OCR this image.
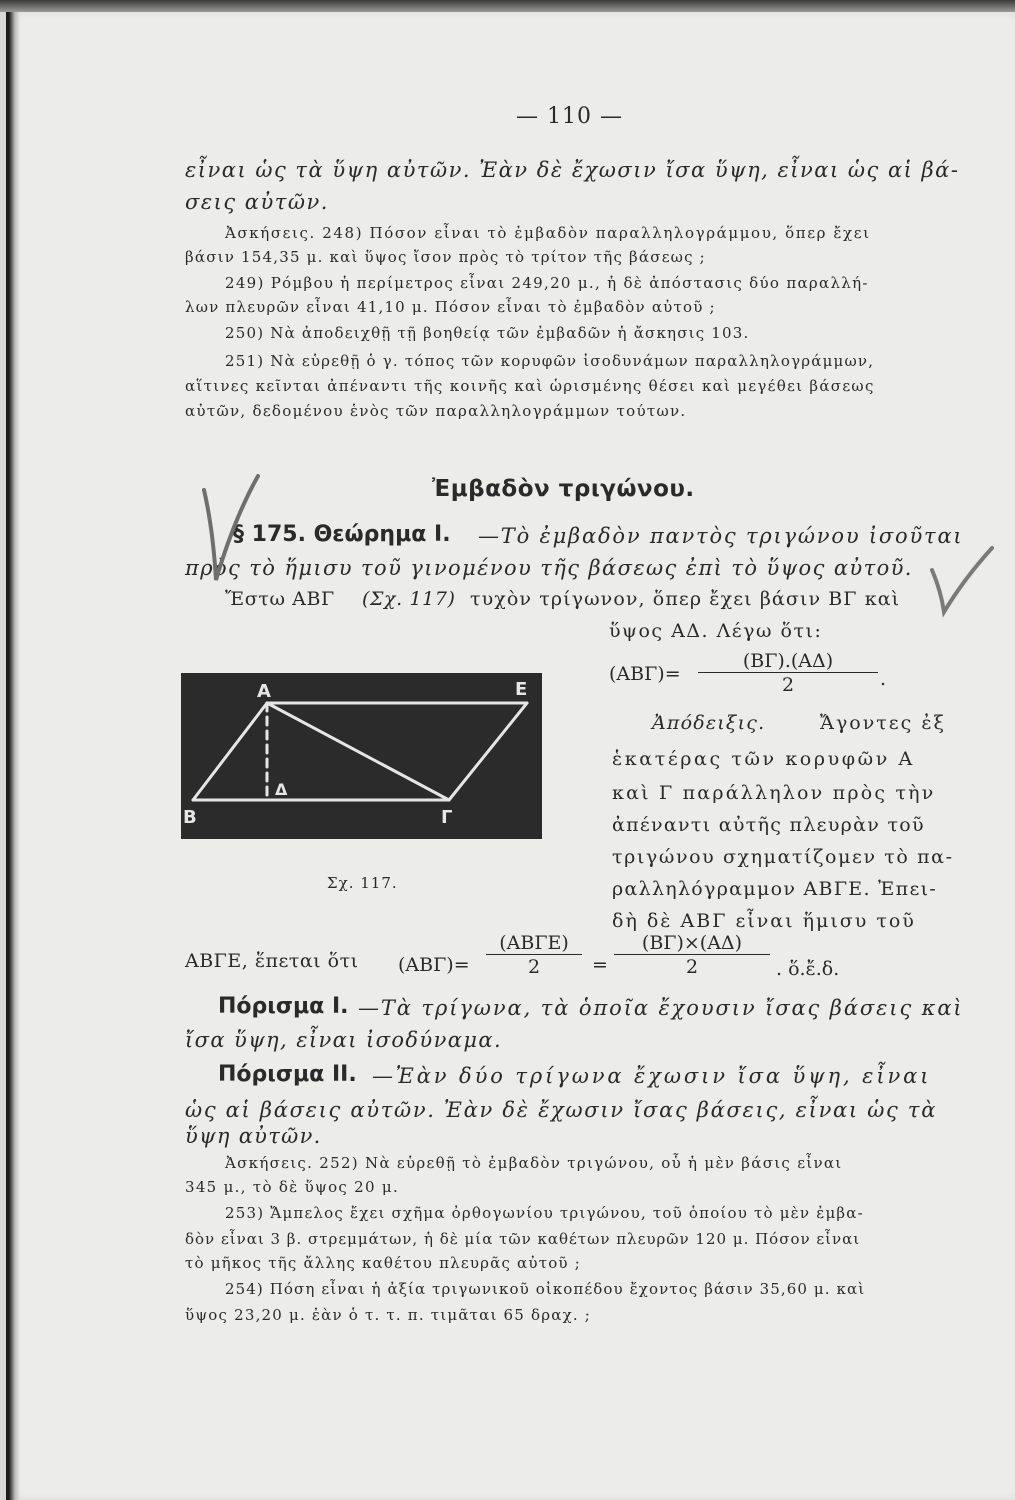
— 110 —
εἶναι ὡς τὰ ὕψη αὐτῶν. Ἐὰν δὲ ἔχωσιν ἴσα ὕψη, εἶναι ὡς αἱ βά-
σεις αὐτῶν.
Ἀσκήσεις. 248) Πόσον εἶναι τὸ ἐμβαδὸν παραλληλογράμμου, ὅπερ ἔχει
βάσιν 154,35 μ. καὶ ὕψος ἴσον πρὸς τὸ τρίτον τῆς βάσεως ;
249) Ρόμβου ἡ περίμετρος εἶναι 249,20 μ., ἡ δὲ ἀπόστασις δύο παραλλή-
λων πλευρῶν εἶναι 41,10 μ. Πόσον εἶναι τὸ ἐμβαδὸν αὐτοῦ ;
250) Νὰ ἀποδειχθῇ τῇ βοηθείᾳ τῶν ἐμβαδῶν ἡ ἄσκησις 103.
251) Νὰ εὑρεθῇ ὁ γ. τόπος τῶν κορυφῶν ἰσοδυνάμων παραλληλογράμμων,
αἵτινες κεῖνται ἀπέναντι τῆς κοινῆς καὶ ὡρισμένης θέσει καὶ μεγέθει βάσεως
αὐτῶν, δεδομένου ἑνὸς τῶν παραλληλογράμμων τούτων.
Ἐμβαδὸν τριγώνου.
§ 175. Θεώρημα Ι. —Τὸ ἐμβαδὸν παντὸς τριγώνου ἰσοῦται
πρὸς τὸ ἥμισυ τοῦ γινομένου τῆς βάσεως ἐπὶ τὸ ὕψος αὐτοῦ.
Ἔστω ΑΒΓ (Σχ. 117) τυχὸν τρίγωνον, ὅπερ ἔχει βάσιν ΒΓ καὶ
ὕψος ΑΔ. Λέγω ὅτι:
$(AB\Gamma)= \frac{(B\Gamma).(A\Delta)}{2}$ .
Α	Ε
Β	Γ
Δ
Σχ. 117.
Ἀπόδειξις.	Ἄγοντες ἐξ
ἑκατέρας τῶν κορυφῶν Α
καὶ Γ παράλληλον πρὸς τὴν
ἀπέναντι αὐτῆς πλευρὰν τοῦ
τριγώνου σχηματίζομεν τὸ πα-
ραλληλόγραμμον ΑΒΓΕ. Ἐπει-
δὴ δὲ ΑΒΓ εἶναι ἥμισυ τοῦ
ΑΒΓΕ, ἕπεται ὅτι (ΑΒΓ)=
(ΑΒΓΕ)
2	= $\frac{(B\Gamma)\times(A\Delta)}{2}$ . ὅ.ἔ.δ.
Πόρισμα Ι. —Τὰ τρίγωνα, τὰ ὁποῖα ἔχουσιν ἴσας βάσεις καὶ
ἴσα ὕψη, εἶναι ἰσοδύναμα.
Πόρισμα ΙΙ. —Ἐὰν δύο τρίγωνα ἔχωσιν ἴσα ὕψη, εἶναι
ὡς αἱ βάσεις αὐτῶν. Ἐὰν δὲ ἔχωσιν ἴσας βάσεις, εἶναι ὡς τὰ
ὕψη αὐτῶν.
Ἀσκήσεις. 252) Νὰ εὑρεθῇ τὸ ἐμβαδὸν τριγώνου, οὗ ἡ μὲν βάσις εἶναι
345 μ., τὸ δὲ ὕψος 20 μ.
253) Ἄμπελος ἔχει σχῆμα ὀρθογωνίου τριγώνου, τοῦ ὁποίου τὸ μὲν ἐμβα-
δὸν εἶναι 3 β. στρεμμάτων, ἡ δὲ μία τῶν καθέτων πλευρῶν 120 μ. Πόσον εἶναι
τὸ μῆκος τῆς ἄλλης καθέτου πλευρᾶς αὐτοῦ ;
254) Πόση εἶναι ἡ ἀξία τριγωνικοῦ οἰκοπέδου ἔχοντος βάσιν 35,60 μ. καὶ
ὕψος 23,20 μ. ἐὰν ὁ τ. τ. π. τιμᾶται 65 δραχ. ;
